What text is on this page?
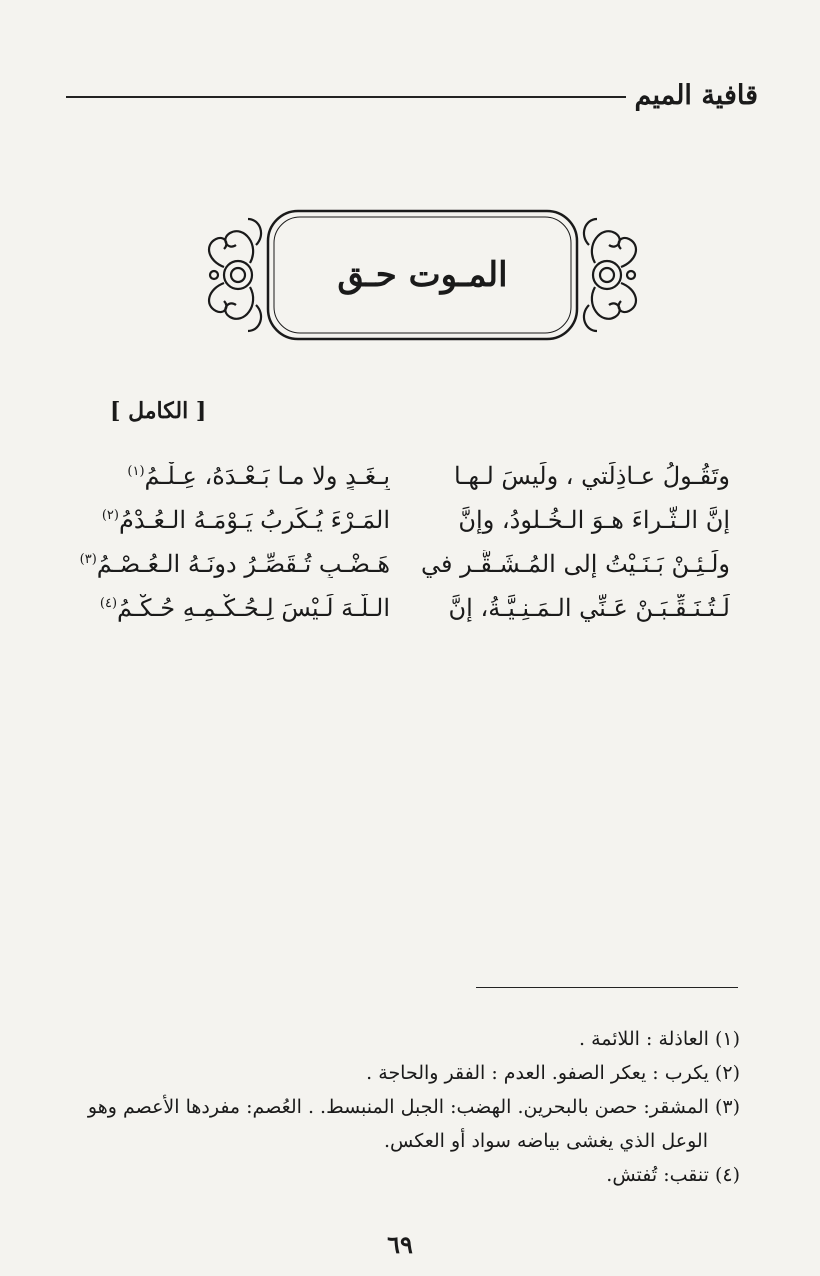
قافية الميم
المـوت حـق
[ الكامل ]
وتَقُـولُ عـاذِلَتي ، ولَيسَ لـهـا
بِـغَـدٍ ولا مـا بَـعْـدَهُ، عِـلْـمُ$^{(١)}$
إنَّ الـثَّـراءَ هـوَ الـخُـلودُ، وإنَّ
المَـرْءَ يُـكَرِبُ يَـوْمَـهُ الـعُـدْمُ$^{(٢)}$
ولَـئِـنْ بَـنَـيْتُ إلى المُـشَـقَّـرِ في
هَـضْـبٍ تُـقَصِّـرُ دونَـهُ الـعُـصْـمُ$^{(٣)}$
لَـتُـنَـقِّـبَـنْ عَـنِّي الـمَـنِـيَّـةُ، إنَّ
الـلَّـهَ لَـيْسَ لِـحُـكْـمِـهِ حُـكْـمُ$^{(٤)}$
(١) العاذلة : اللائمة .
(٢) يكرب : يعكر الصفو. العدم : الفقر والحاجة .
(٣) المشقر: حصن بالبحرين. الهضب: الجبل المنبسط. . العُصم: مفردها الأعصم وهو
الوعل الذي يغشى بياضه سواد أو العكس.
(٤) تنقب: تُفتش.
٦٩
